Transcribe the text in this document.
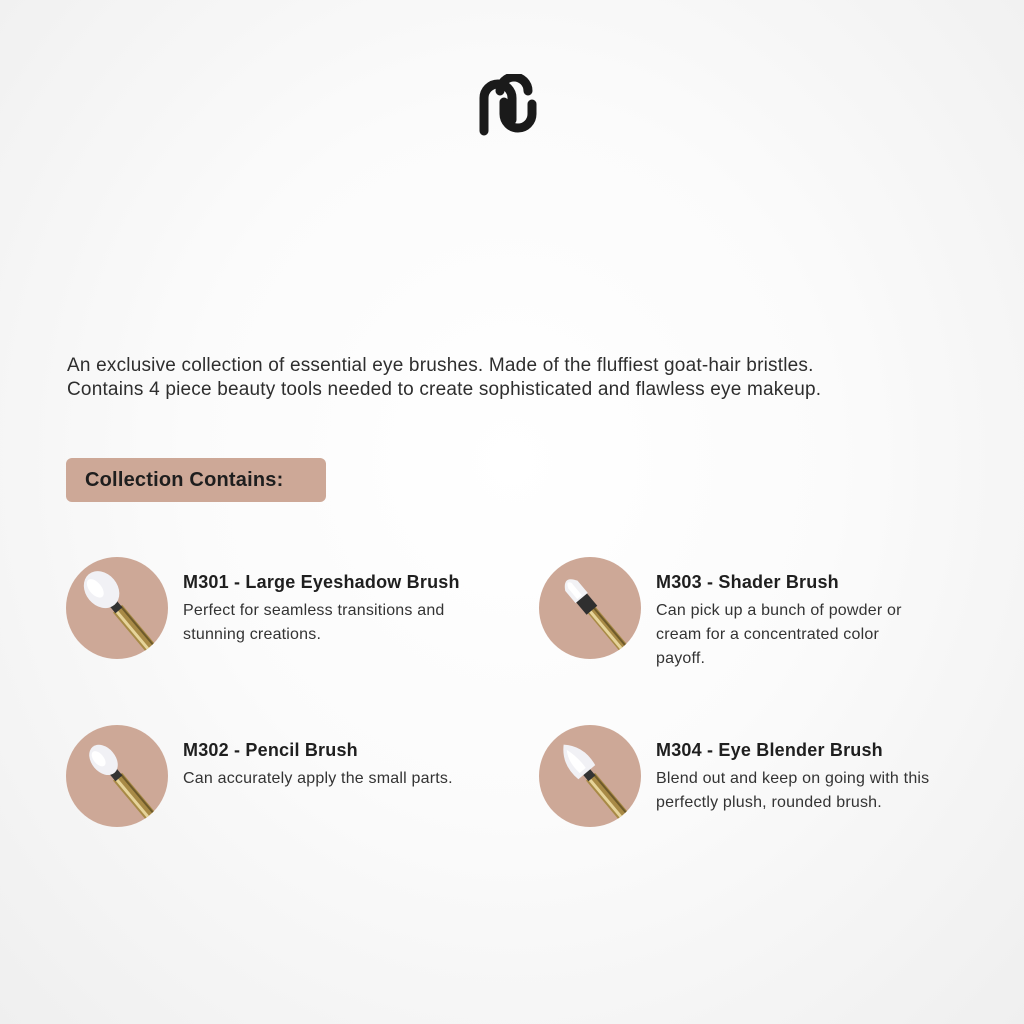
An exclusive collection of essential eye brushes. Made of the fluffiest goat-hair bristles.

Contains 4 piece beauty tools needed to create sophisticated and flawless eye makeup.

Collection Contains:
M301 - Large Eyeshadow Brush
Perfect for seamless transitions and stunning creations.
M303 - Shader Brush
Can pick up a bunch of powder or cream for a concentrated color payoff.
M302 - Pencil Brush
Can accurately apply the small parts.
M304 - Eye Blender Brush
Blend out and keep on going with this perfectly plush, rounded brush.
